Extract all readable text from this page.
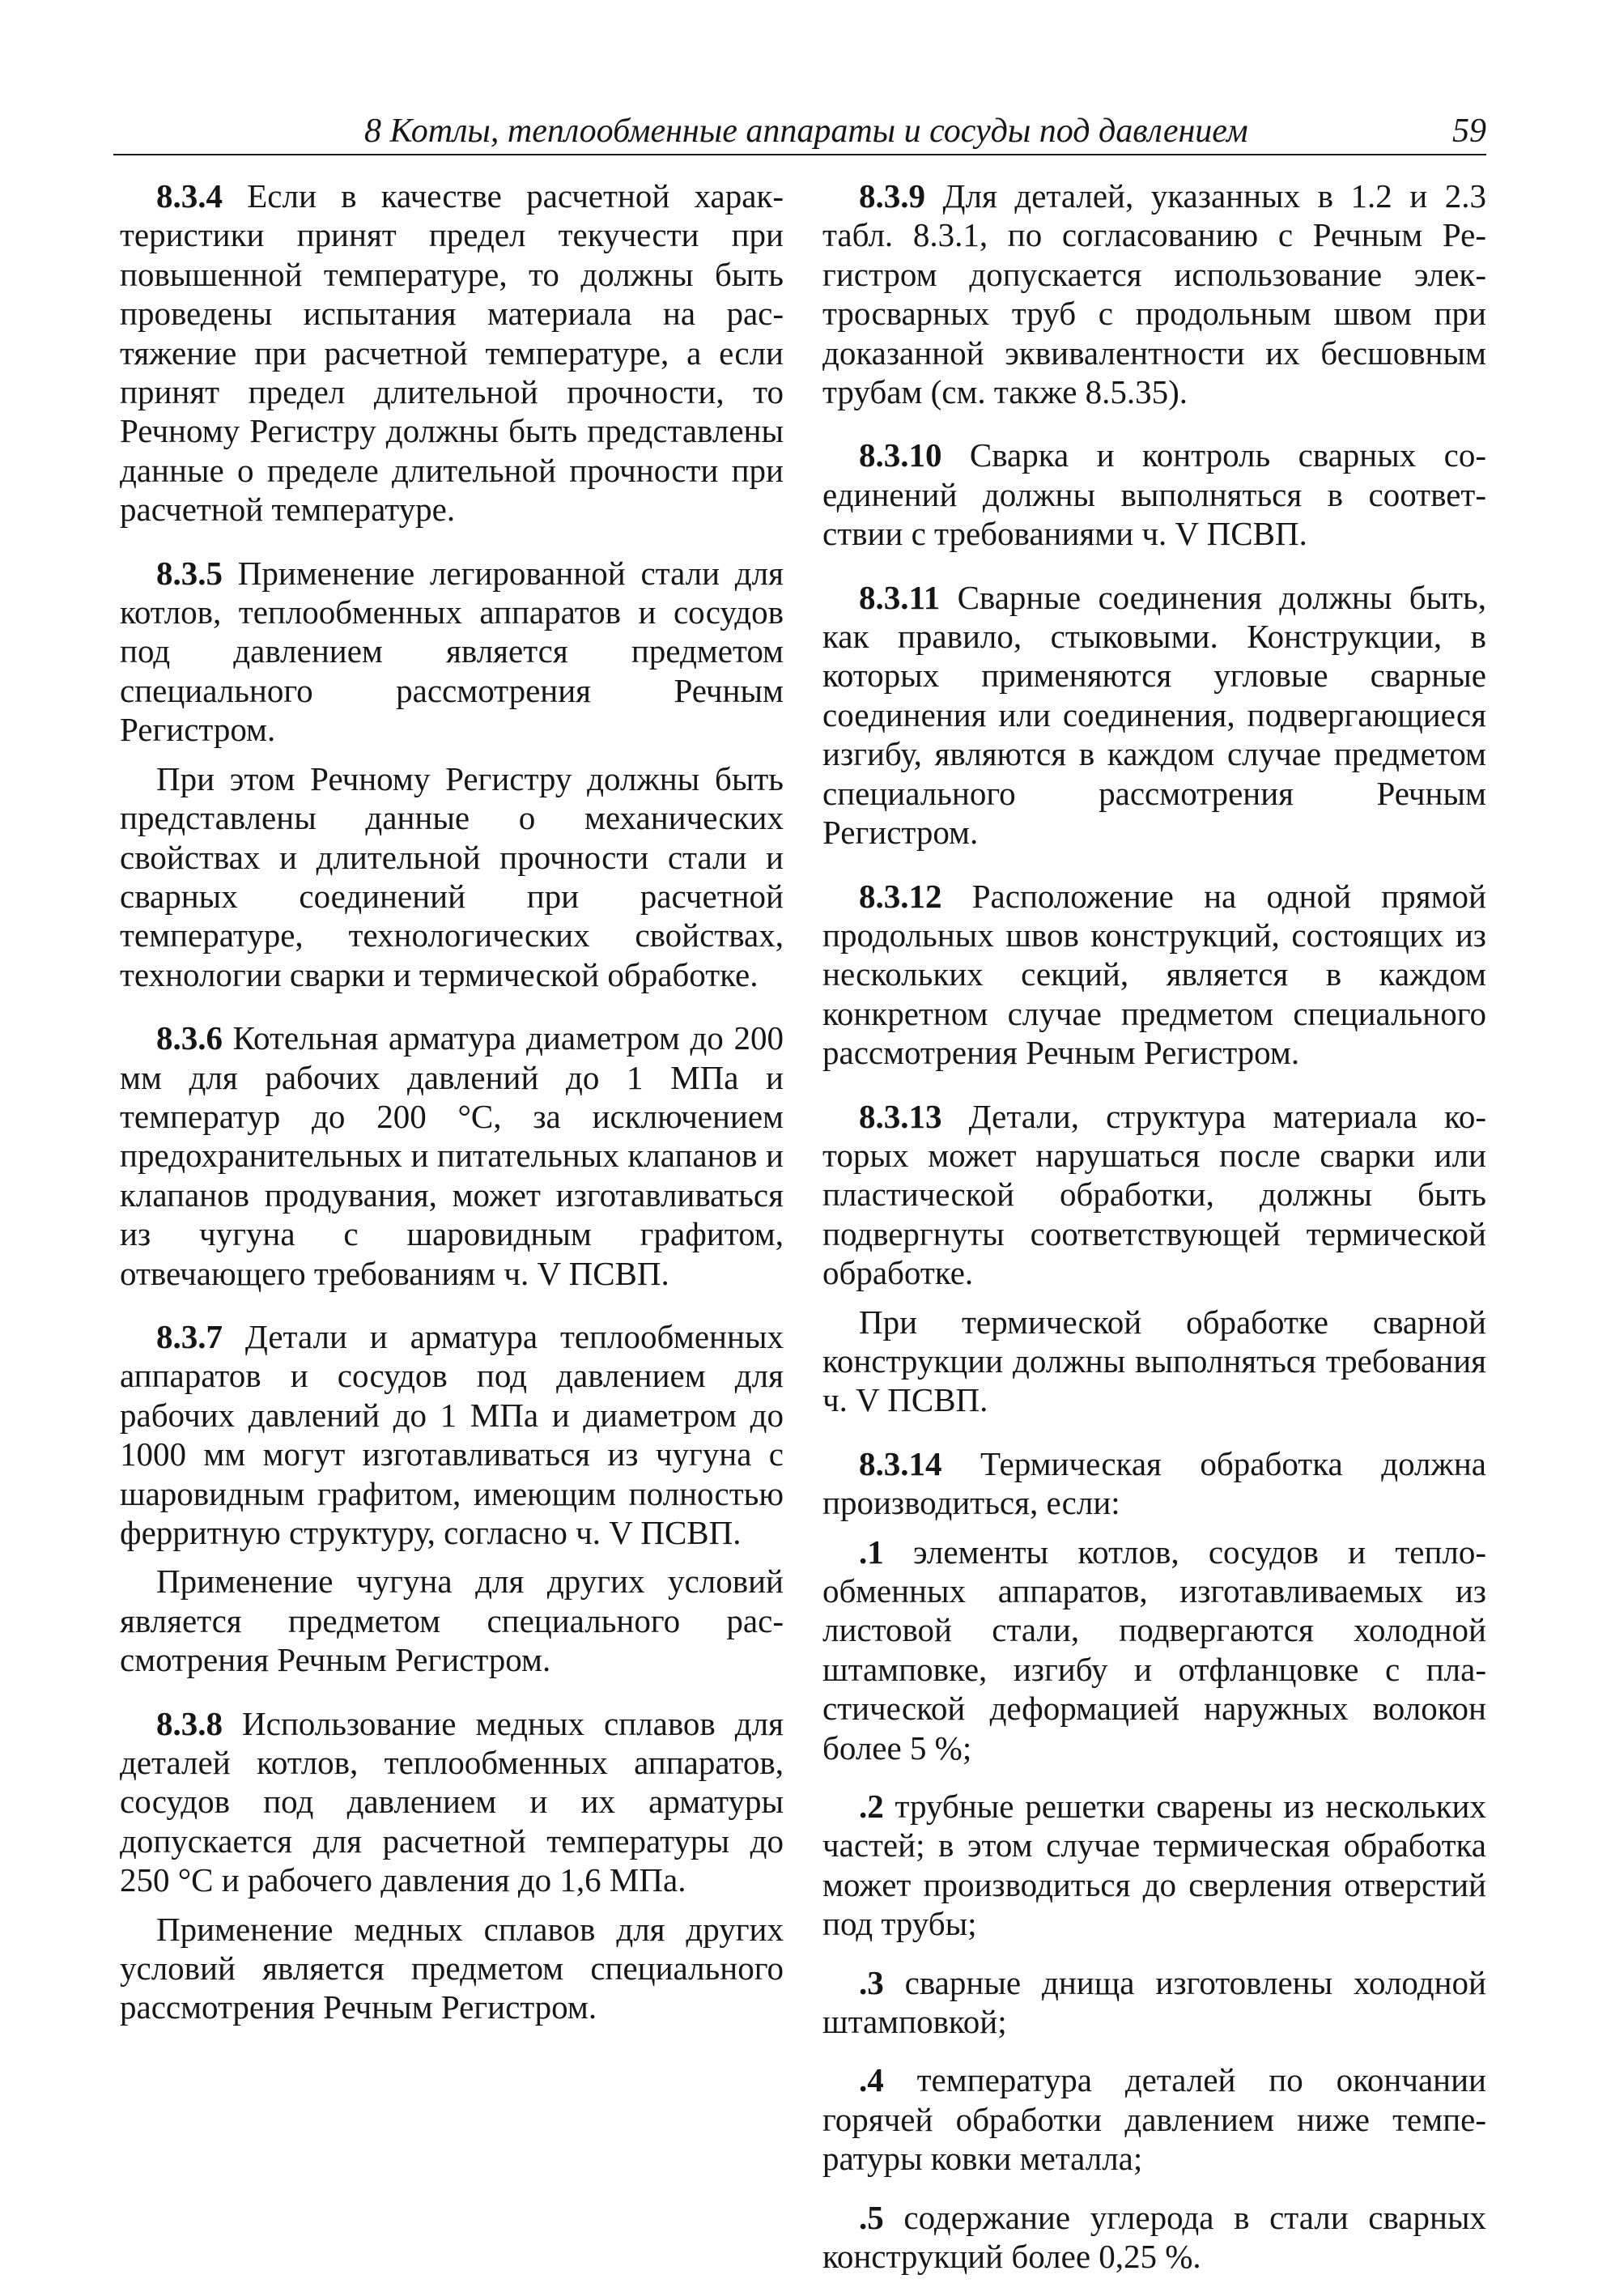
8 Котлы, теплообменные аппараты и сосуды под давлением	59

8.3.4 Если в качестве расчетной характеристики принят предел текучести при повышенной температуре, то должны быть проведены испытания материала на растяжение при расчетной температуре, а если принят предел длительной прочности, то Речному Регистру должны быть представлены данные о пределе длительной прочности при расчетной температуре.

8.3.5 Применение легированной стали для котлов, теплообменных аппаратов и сосудов под давлением является предметом специального рассмотрения Речным Регистром.

При этом Речному Регистру должны быть представлены данные о механических свойствах и длительной прочности стали и сварных соединений при расчетной температуре, технологических свойствах, технологии сварки и термической обработке.

8.3.6 Котельная арматура диаметром до 200 мм для рабочих давлений до 1 МПа и температур до 200 °С, за исключением предохранительных и питательных клапанов и клапанов продувания, может изготавливаться из чугуна с шаровидным графитом, отвечающего требованиям ч. V ПСВП.

8.3.7 Детали и арматура теплообменных аппаратов и сосудов под давлением для рабочих давлений до 1 МПа и диаметром до 1000 мм могут изготавливаться из чугуна с шаровидным графитом, имеющим полностью ферритную структуру, согласно ч. V ПСВП.

Применение чугуна для других условий является предметом специального рассмотрения Речным Регистром.

8.3.8 Использование медных сплавов для деталей котлов, теплообменных аппаратов, сосудов под давлением и их арматуры допускается для расчетной температуры до 250 °С и рабочего давления до 1,6 МПа.

Применение медных сплавов для других условий является предметом специального рассмотрения Речным Регистром.

8.3.9 Для деталей, указанных в 1.2 и 2.3 табл. 8.3.1, по согласованию с Речным Регистром допускается использование электросварных труб с продольным швом при доказанной эквивалентности их бесшовным трубам (см. также 8.5.35).

8.3.10 Сварка и контроль сварных соединений должны выполняться в соответствии с требованиями ч. V ПСВП.

8.3.11 Сварные соединения должны быть, как правило, стыковыми. Конструкции, в которых применяются угловые сварные соединения или соединения, подвергающиеся изгибу, являются в каждом случае предметом специального рассмотрения Речным Регистром.

8.3.12 Расположение на одной прямой продольных швов конструкций, состоящих из нескольких секций, является в каждом конкретном случае предметом специального рассмотрения Речным Регистром.

8.3.13 Детали, структура материала которых может нарушаться после сварки или пластической обработки, должны быть подвергнуты соответствующей термической обработке.

При термической обработке сварной конструкции должны выполняться требования ч. V ПСВП.

8.3.14 Термическая обработка должна производиться, если:

.1 элементы котлов, сосудов и теплообменных аппаратов, изготавливаемых из листовой стали, подвергаются холодной штамповке, изгибу и отфланцовке с пластической деформацией наружных волокон более 5 %;

.2 трубные решетки сварены из нескольких частей; в этом случае термическая обработка может производиться до сверления отверстий под трубы;

.3 сварные днища изготовлены холодной штамповкой;

.4 температура деталей по окончании горячей обработки давлением ниже температуры ковки металла;

.5 содержание углерода в стали сварных конструкций более 0,25 %.
